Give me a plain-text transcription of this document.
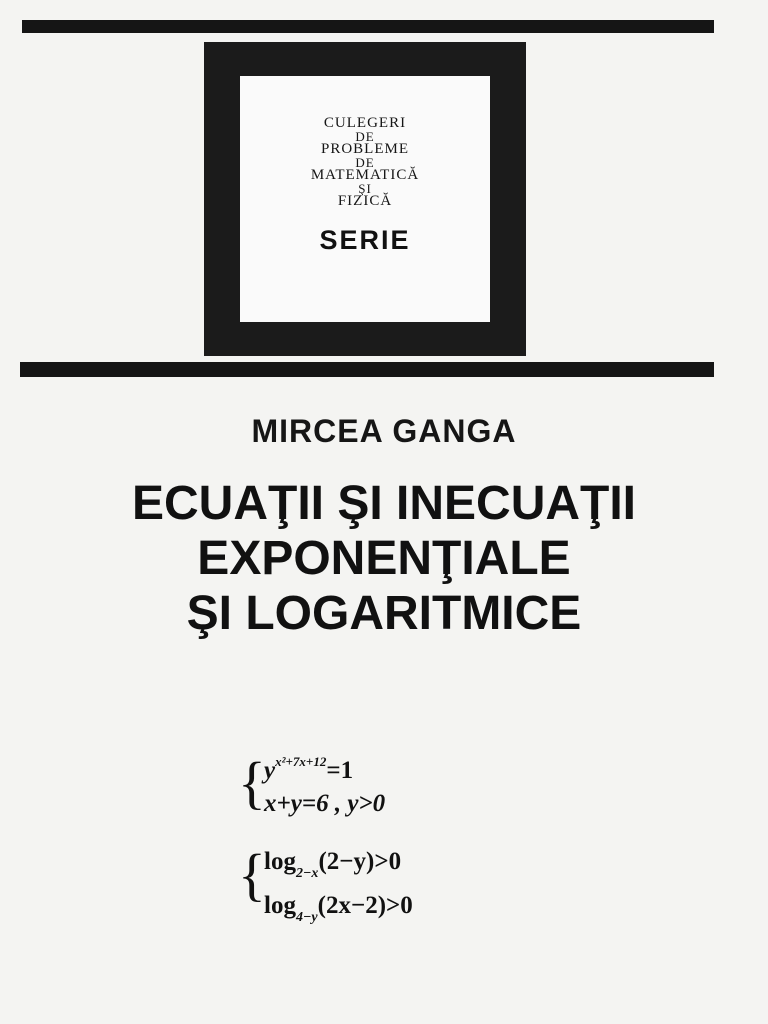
CULEGERI
DE
PROBLEME
DE
MATEMATICĂ
ŞI
FIZICĂ
SERIE
MIRCEA GANGA
ECUAŢII ŞI INECUAŢII
EXPONENŢIALE
ŞI LOGARITMICE
{
$y^{x^2+7x+12}=1$
x+y=6 , y>0
{
$\log_{2-x}(2-y)>0$
$\log_{4-y}(2x-2)>0$
